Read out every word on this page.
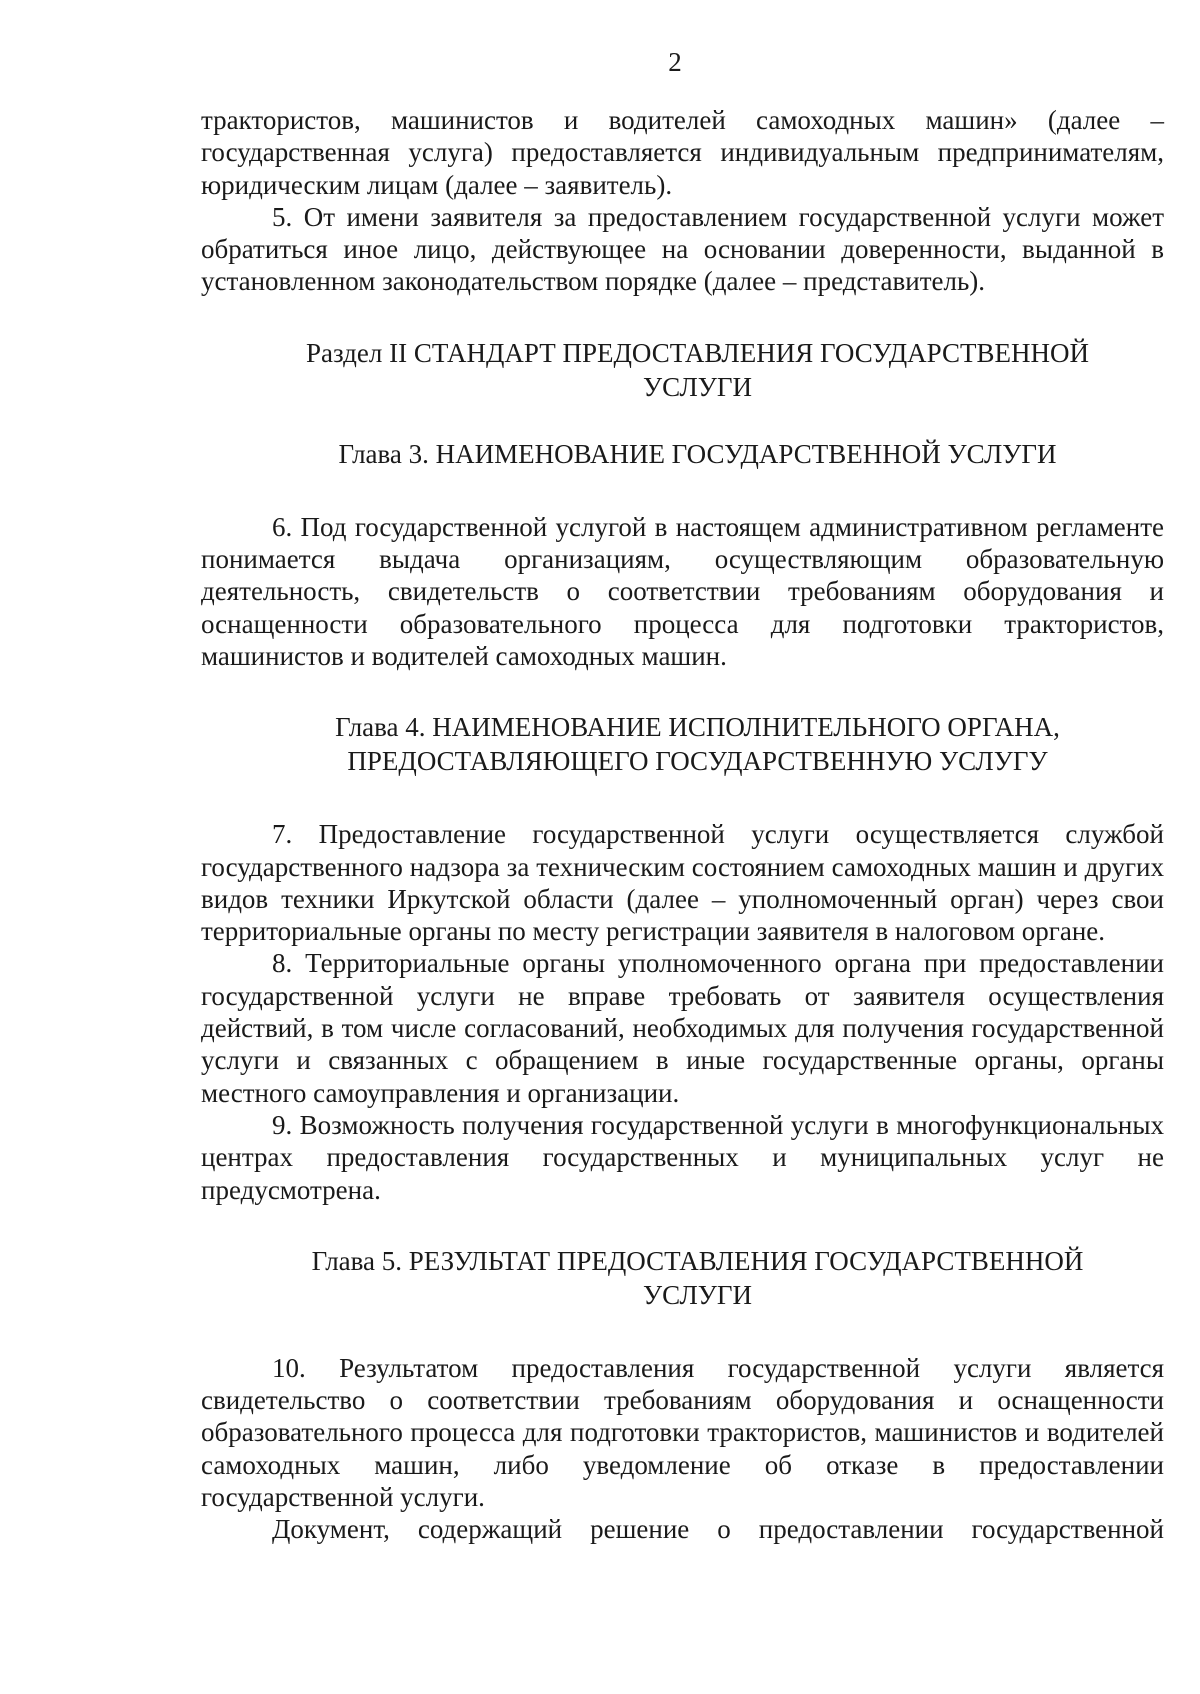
2

трактористов, машинистов и водителей самоходных машин» (далее – государственная услуга) предоставляется индивидуальным предпринимателям, юридическим лицам (далее – заявитель).

5. От имени заявителя за предоставлением государственной услуги может обратиться иное лицо, действующее на основании доверенности, выданной в установленном законодательством порядке (далее – представитель).

Раздел II СТАНДАРТ ПРЕДОСТАВЛЕНИЯ ГОСУДАРСТВЕННОЙ

УСЛУГИ

Глава 3. НАИМЕНОВАНИЕ ГОСУДАРСТВЕННОЙ УСЛУГИ

6. Под государственной услугой в настоящем административном регламенте понимается выдача организациям, осуществляющим образовательную деятельность, свидетельств о соответствии требованиям оборудования и оснащенности образовательного процесса для подготовки трактористов, машинистов и водителей самоходных машин.

Глава 4. НАИМЕНОВАНИЕ ИСПОЛНИТЕЛЬНОГО ОРГАНА,

ПРЕДОСТАВЛЯЮЩЕГО ГОСУДАРСТВЕННУЮ УСЛУГУ

7. Предоставление государственной услуги осуществляется службой государственного надзора за техническим состоянием самоходных машин и других видов техники Иркутской области (далее – уполномоченный орган) через свои территориальные органы по месту регистрации заявителя в налоговом органе.

8. Территориальные органы уполномоченного органа при предоставлении государственной услуги не вправе требовать от заявителя осуществления действий, в том числе согласований, необходимых для получения государственной услуги и связанных с обращением в иные государственные органы, органы местного самоуправления и организации.

9. Возможность получения государственной услуги в многофункциональных центрах предоставления государственных и муниципальных услуг не предусмотрена.

Глава 5. РЕЗУЛЬТАТ ПРЕДОСТАВЛЕНИЯ ГОСУДАРСТВЕННОЙ

УСЛУГИ

10. Результатом предоставления государственной услуги является свидетельство о соответствии требованиям оборудования и оснащенности образовательного процесса для подготовки трактористов, машинистов и водителей самоходных машин, либо уведомление об отказе в предоставлении государственной услуги.

Документ, содержащий решение о предоставлении государственной
